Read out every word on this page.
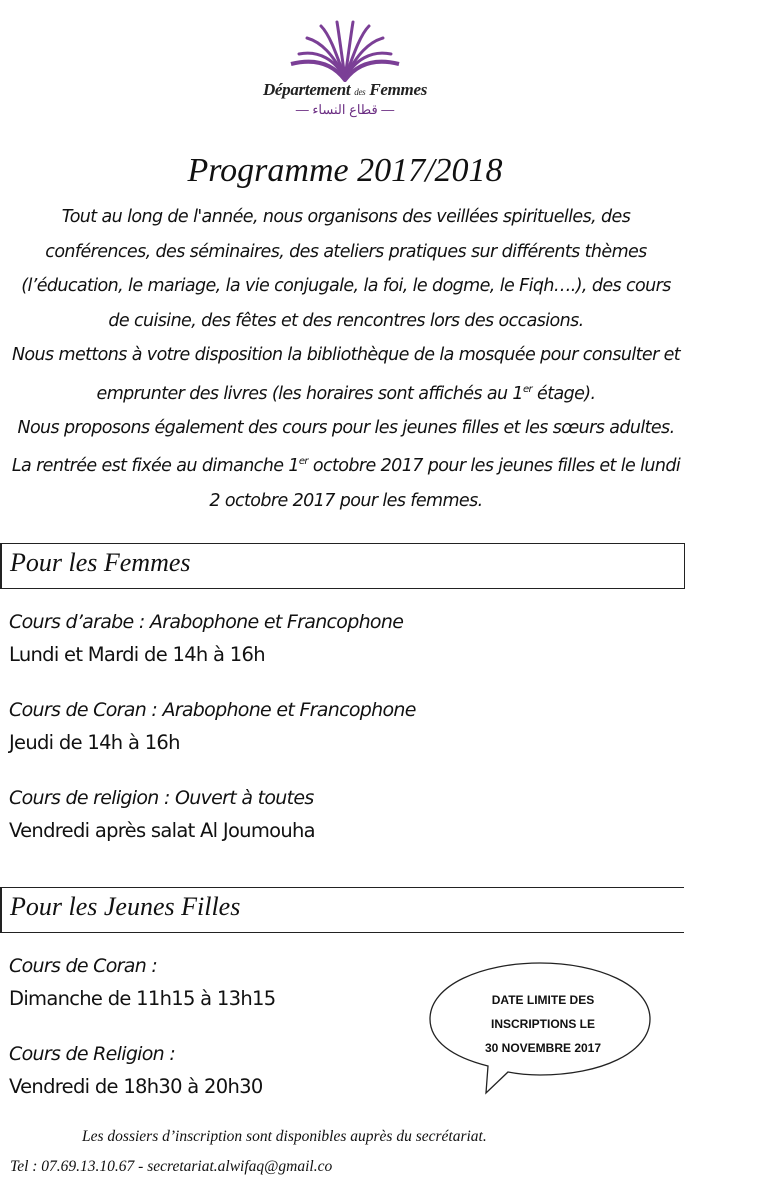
Département des Femmes
— قطاع النساء —
Programme 2017/2018

Tout au long de l'année, nous organisons des veillées spirituelles, des conférences, des séminaires, des ateliers pratiques sur différents thèmes (l’éducation, le mariage, la vie conjugale, la foi, le dogme, le Fiqh….), des cours de cuisine, des fêtes et des rencontres lors des occasions.

Nous mettons à votre disposition la bibliothèque de la mosquée pour consulter et emprunter des livres (les horaires sont affichés au 1er étage).

Nous proposons également des cours pour les jeunes filles et les sœurs adultes. La rentrée est fixée au dimanche 1er octobre 2017 pour les jeunes filles et le lundi 2 octobre 2017 pour les femmes.

Pour les Femmes
Cours d’arabe : Arabophone et Francophone
Lundi et Mardi de 14h à 16h
Cours de Coran : Arabophone et Francophone
Jeudi de 14h à 16h
Cours de religion : Ouvert à toutes
Vendredi après salat Al Joumouha
Pour les Jeunes Filles
Cours de Coran :
Dimanche de 11h15 à 13h15
Cours de Religion :
Vendredi de 18h30 à 20h30
DATE LIMITE DES
INSCRIPTIONS LE
30 NOVEMBRE 2017
Les dossiers d’inscription sont disponibles auprès du secrétariat.
Tel : 07.69.13.10.67 - secretariat.alwifaq@gmail.co
